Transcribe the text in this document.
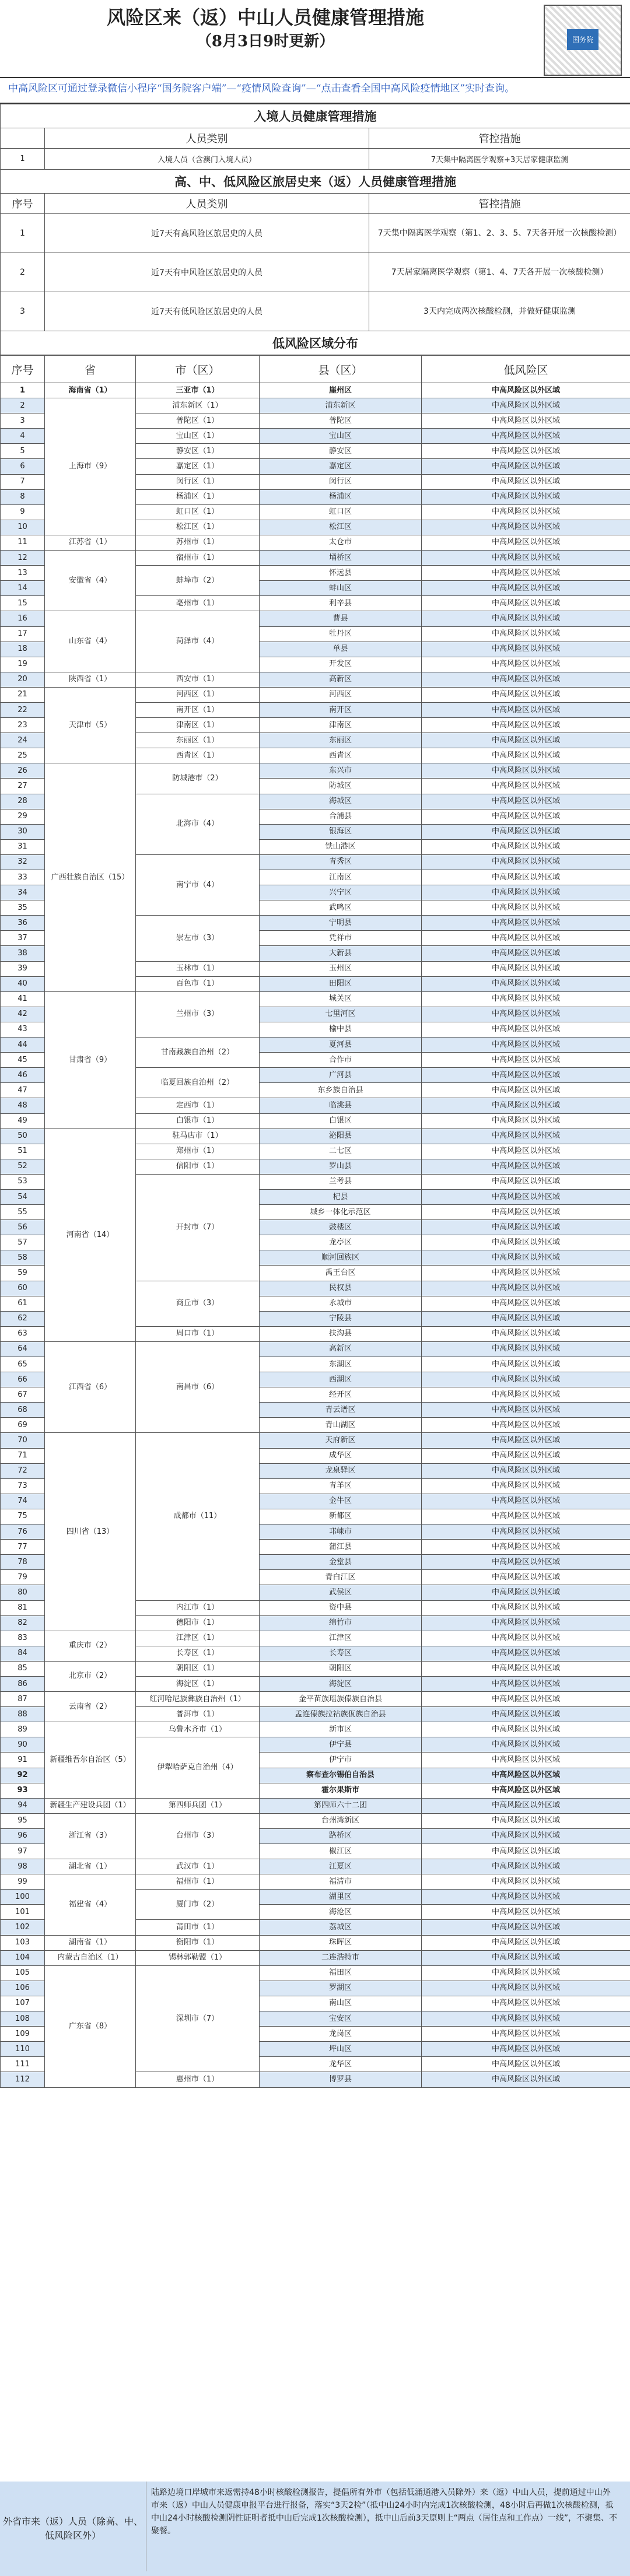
风险区来（返）中山人员健康管理措施
（8月3日9时更新）	国务院
中高风险区可通过登录微信小程序“国务院客户端”—“疫情风险查询”—“点击查看全国中高风险疫情地区”实时查询。
入境人员健康管理措施		
	人员类别	管控措施
1	入境人员（含澳门入境人员）	7天集中隔离医学观察+3天居家健康监测
高、中、低风险区旅居史来（返）人员健康管理措施		
序号	人员类别	管控措施
1	近7天有高风险区旅居史的人员	7天集中隔离医学观察（第1、2、3、5、7天各开展一次核酸检测）
2	近7天有中风险区旅居史的人员	7天居家隔离医学观察（第1、4、7天各开展一次核酸检测）
3	近7天有低风险区旅居史的人员	3天内完成两次核酸检测，并做好健康监测
低风险区域分布		
序号	省	市（区）	县（区）	低风险区
1	海南省（1）	三亚市（1）	崖州区	中高风险区以外区域
2	上海市（9）	浦东新区（1）	浦东新区	中高风险区以外区域
3		普陀区（1）	普陀区	中高风险区以外区域
4		宝山区（1）	宝山区	中高风险区以外区域
5		静安区（1）	静安区	中高风险区以外区域
6		嘉定区（1）	嘉定区	中高风险区以外区域
7		闵行区（1）	闵行区	中高风险区以外区域
8		杨浦区（1）	杨浦区	中高风险区以外区域
9		虹口区（1）	虹口区	中高风险区以外区域
10		松江区（1）	松江区	中高风险区以外区域
11	江苏省（1）	苏州市（1）	太仓市	中高风险区以外区域
12	安徽省（4）	宿州市（1）	埇桥区	中高风险区以外区域
13		蚌埠市（2）	怀远县	中高风险区以外区域
14			蚌山区	中高风险区以外区域
15		亳州市（1）	利辛县	中高风险区以外区域
16	山东省（4）	菏泽市（4）	曹县	中高风险区以外区域
17			牡丹区	中高风险区以外区域
18			单县	中高风险区以外区域
19			开发区	中高风险区以外区域
20	陕西省（1）	西安市（1）	高新区	中高风险区以外区域
21	天津市（5）	河西区（1）	河西区	中高风险区以外区域
22		南开区（1）	南开区	中高风险区以外区域
23		津南区（1）	津南区	中高风险区以外区域
24		东丽区（1）	东丽区	中高风险区以外区域
25		西青区（1）	西青区	中高风险区以外区域
26	广西壮族自治区（15）	防城港市（2）	东兴市	中高风险区以外区域
27			防城区	中高风险区以外区域
28		北海市（4）	海城区	中高风险区以外区域
29			合浦县	中高风险区以外区域
30			银海区	中高风险区以外区域
31			铁山港区	中高风险区以外区域
32		南宁市（4）	青秀区	中高风险区以外区域
33			江南区	中高风险区以外区域
34			兴宁区	中高风险区以外区域
35			武鸣区	中高风险区以外区域
36		崇左市（3）	宁明县	中高风险区以外区域
37			凭祥市	中高风险区以外区域
38			大新县	中高风险区以外区域
39		玉林市（1）	玉州区	中高风险区以外区域
40		百色市（1）	田阳区	中高风险区以外区域
41	甘肃省（9）	兰州市（3）	城关区	中高风险区以外区域
42			七里河区	中高风险区以外区域
43			榆中县	中高风险区以外区域
44		甘南藏族自治州（2）	夏河县	中高风险区以外区域
45			合作市	中高风险区以外区域
46		临夏回族自治州（2）	广河县	中高风险区以外区域
47			东乡族自治县	中高风险区以外区域
48		定西市（1）	临洮县	中高风险区以外区域
49		白银市（1）	白银区	中高风险区以外区域
50	河南省（14）	驻马店市（1）	泌阳县	中高风险区以外区域
51		郑州市（1）	二七区	中高风险区以外区域
52		信阳市（1）	罗山县	中高风险区以外区域
53		开封市（7）	兰考县	中高风险区以外区域
54			杞县	中高风险区以外区域
55			城乡一体化示范区	中高风险区以外区域
56			鼓楼区	中高风险区以外区域
57			龙亭区	中高风险区以外区域
58			顺河回族区	中高风险区以外区域
59			禹王台区	中高风险区以外区域
60		商丘市（3）	民权县	中高风险区以外区域
61			永城市	中高风险区以外区域
62			宁陵县	中高风险区以外区域
63		周口市（1）	扶沟县	中高风险区以外区域
64	江西省（6）	南昌市（6）	高新区	中高风险区以外区域
65			东湖区	中高风险区以外区域
66			西湖区	中高风险区以外区域
67			经开区	中高风险区以外区域
68			青云谱区	中高风险区以外区域
69			青山湖区	中高风险区以外区域
70	四川省（13）	成都市（11）	天府新区	中高风险区以外区域
71			成华区	中高风险区以外区域
72			龙泉驿区	中高风险区以外区域
73			青羊区	中高风险区以外区域
74			金牛区	中高风险区以外区域
75			新都区	中高风险区以外区域
76			邛崃市	中高风险区以外区域
77			蒲江县	中高风险区以外区域
78			金堂县	中高风险区以外区域
79			青白江区	中高风险区以外区域
80			武侯区	中高风险区以外区域
81		内江市（1）	资中县	中高风险区以外区域
82		德阳市（1）	绵竹市	中高风险区以外区域
83	重庆市（2）	江津区（1）	江津区	中高风险区以外区域
84		长寿区（1）	长寿区	中高风险区以外区域
85	北京市（2）	朝阳区（1）	朝阳区	中高风险区以外区域
86		海淀区（1）	海淀区	中高风险区以外区域
87	云南省（2）	红河哈尼族彝族自治州（1）	金平苗族瑶族傣族自治县	中高风险区以外区域
88		普洱市（1）	孟连傣族拉祜族佤族自治县	中高风险区以外区域
89	新疆维吾尔自治区（5）	乌鲁木齐市（1）	新市区	中高风险区以外区域
90		伊犁哈萨克自治州（4）	伊宁县	中高风险区以外区域
91			伊宁市	中高风险区以外区域
92			察布查尔锡伯自治县	中高风险区以外区域
93			霍尔果斯市	中高风险区以外区域
94	新疆生产建设兵团（1）	第四师兵团（1）	第四师六十二团	中高风险区以外区域
95	浙江省（3）	台州市（3）	台州湾新区	中高风险区以外区域
96			路桥区	中高风险区以外区域
97			椒江区	中高风险区以外区域
98	湖北省（1）	武汉市（1）	江夏区	中高风险区以外区域
99	福建省（4）	福州市（1）	福清市	中高风险区以外区域
100		厦门市（2）	湖里区	中高风险区以外区域
101			海沧区	中高风险区以外区域
102		莆田市（1）	荔城区	中高风险区以外区域
103	湖南省（1）	衡阳市（1）	珠晖区	中高风险区以外区域
104	内蒙古自治区（1）	锡林郭勒盟（1）	二连浩特市	中高风险区以外区域
105	广东省（8）	深圳市（7）	福田区	中高风险区以外区域
106			罗湖区	中高风险区以外区域
107			南山区	中高风险区以外区域
108			宝安区	中高风险区以外区域
109			龙岗区	中高风险区以外区域
110			坪山区	中高风险区以外区域
111			龙华区	中高风险区以外区域
112		惠州市（1）	博罗县	中高风险区以外区域
外省市来（返）人员（除高、中、低风险区外）
陆路边境口岸城市来返需持48小时核酸检测报告，提倡所有外市（包括低涌通港入员除外）来（返）中山人员，提前通过中山外市来（返）中山人员健康申报平台进行报备，落实“3天2检”（抵中山24小时内完成1次核酸检测，48小时后再做1次核酸检测，抵中山24小时核酸检测阴性证明者抵中山后完成1次核酸检测），抵中山后前3天原则上“两点（居住点和工作点）一线”，不聚集、不聚餐。
